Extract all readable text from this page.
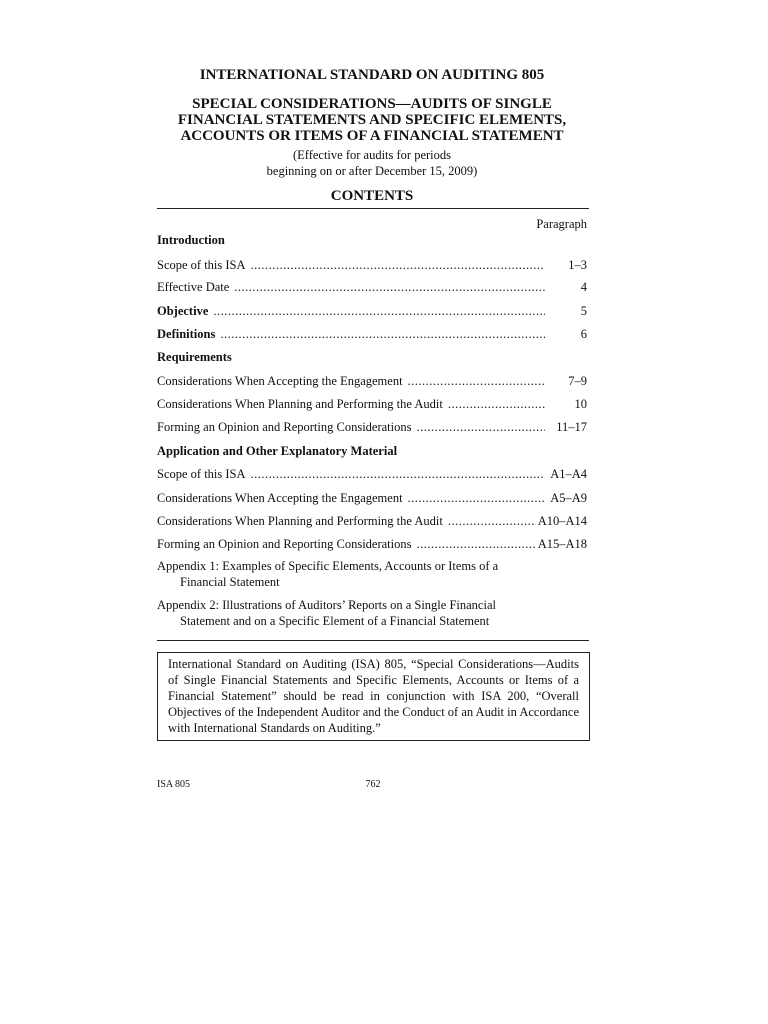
INTERNATIONAL STANDARD ON AUDITING 805
SPECIAL CONSIDERATIONS—AUDITS OF SINGLE
FINANCIAL STATEMENTS AND SPECIFIC ELEMENTS,
ACCOUNTS OR ITEMS OF A FINANCIAL STATEMENT
(Effective for audits for periods
beginning on or after December 15, 2009)
CONTENTS
Paragraph
Introduction
Scope of this ISA .....	1–3
Effective Date .....	4
Objective .....	5
Definitions .....	6
Requirements
Considerations When Accepting the Engagement .....	7–9
Considerations When Planning and Performing the Audit .....	10
Forming an Opinion and Reporting Considerations .....	11–17
Application and Other Explanatory Material
Scope of this ISA .....	A1–A4
Considerations When Accepting the Engagement .....	A5–A9
Considerations When Planning and Performing the Audit .....	A10–A14
Forming an Opinion and Reporting Considerations .....	A15–A18
Appendix 1: Examples of Specific Elements, Accounts or Items of a
Financial Statement
Appendix 2: Illustrations of Auditors’ Reports on a Single Financial
Statement and on a Specific Element of a Financial Statement
International Standard on Auditing (ISA) 805, “Special Considerations—Audits of Single Financial Statements and Specific Elements, Accounts or Items of a Financial Statement” should be read in conjunction with ISA 200, “Overall Objectives of the Independent Auditor and the Conduct of an Audit in Accordance with International Standards on Auditing.”
ISA 805	762
